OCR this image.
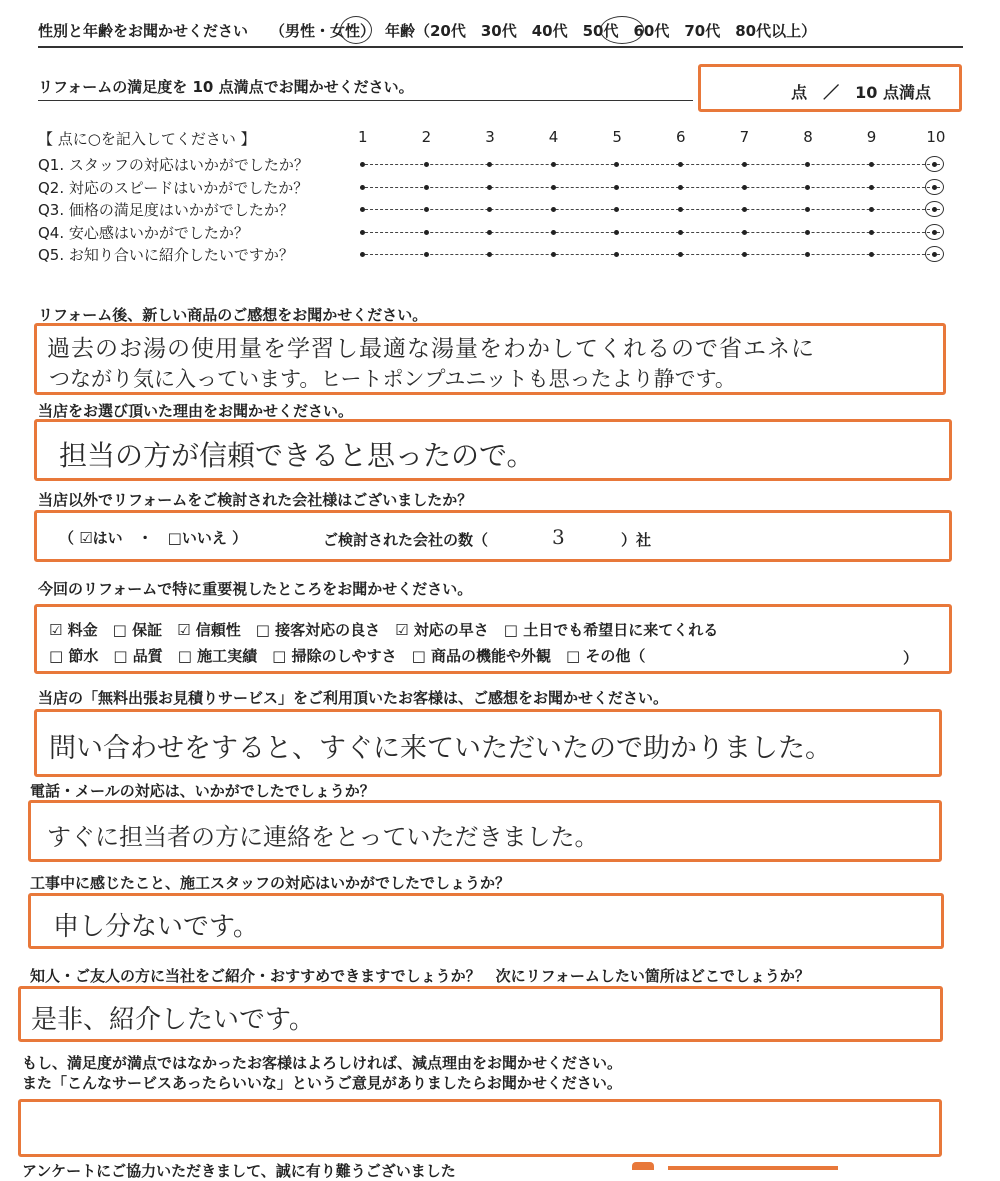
性別と年齢をお聞かせください （男性・女性） 年齢（20代　30代　40代　50代　60代　70代　80代以上）
リフォームの満足度を 10 点満点でお聞かせください。	点　／　10 点満点
【 点に○を記入してください 】	1	2	3	4	5	6	7	8	9	10
Q1. スタッフの対応はいかがでしたか？
Q2. 対応のスピードはいかがでしたか？
Q3. 価格の満足度はいかがでしたか？
Q4. 安心感はいかがでしたか？
Q5. お知り合いに紹介したいですか？
リフォーム後、新しい商品のご感想をお聞かせください。
過去のお湯の使用量を学習し最適な湯量をわかしてくれるので省エネに
つながり気に入っています。ヒートポンプユニットも思ったより静です。
当店をお選び頂いた理由をお聞かせください。
担当の方が信頼できると思ったので。
当店以外でリフォームをご検討された会社様はございましたか？
（ ☑はい　・　□いいえ ）	ご検討された会社の数（	3	）社
今回のリフォームで特に重要視したところをお聞かせください。
☑ 料金　□ 保証　☑ 信頼性　□ 接客対応の良さ　☑ 対応の早さ　□ 土日でも希望日に来てくれる
□ 節水　□ 品質　□ 施工実績　□ 掃除のしやすさ　□ 商品の機能や外観　□ その他（	）
当店の「無料出張お見積りサービス」をご利用頂いたお客様は、ご感想をお聞かせください。
問い合わせをすると、すぐに来ていただいたので助かりました。
電話・メールの対応は、いかがでしたでしょうか？
すぐに担当者の方に連絡をとっていただきました。
工事中に感じたこと、施工スタッフの対応はいかがでしたでしょうか？
申し分ないです。
知人・ご友人の方に当社をご紹介・おすすめできますでしょうか？　次にリフォームしたい箇所はどこでしょうか？
是非、紹介したいです。
もし、満足度が満点ではなかったお客様はよろしければ、減点理由をお聞かせください。
また「こんなサービスあったらいいな」というご意見がありましたらお聞かせください。
アンケートにご協力いただきまして、誠に有り難うございました
